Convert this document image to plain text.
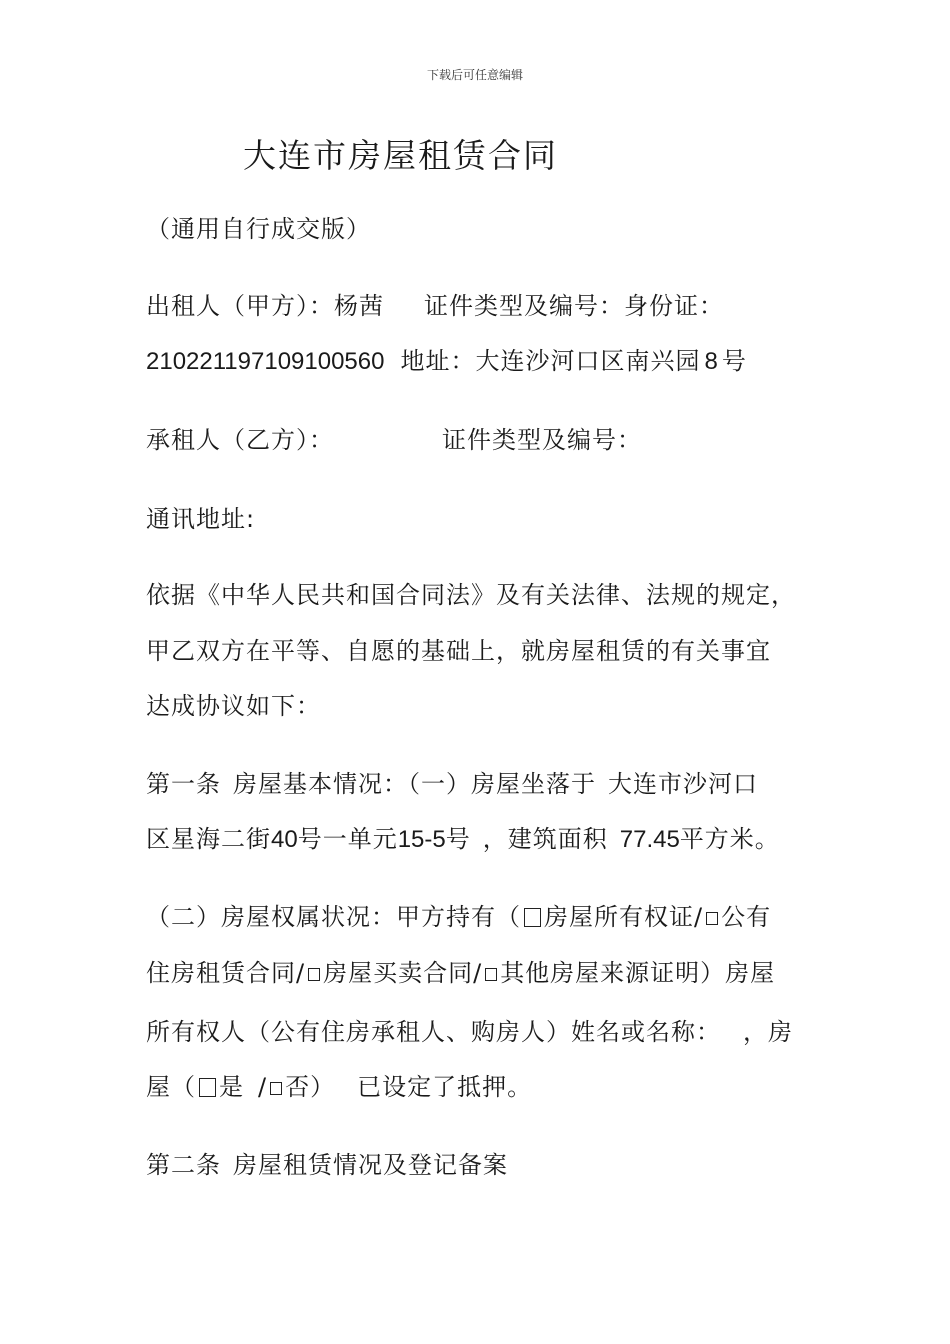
下载后可任意编辑
大连市房屋租赁合同
（通用自行成交版）
出租人（甲方）：杨茜 证件类型及编号：身份证：
210221197109100560 地址：大连沙河口区南兴园 8 号
承租人（乙方）：	证件类型及编号：
通讯地址:
依据《中华人民共和国合同法》及有关法律、法规的规定，
甲乙双方在平等、自愿的基础上，就房屋租赁的有关事宜
达成协议如下：
第一条 房屋基本情况：（一）房屋坐落于 大连市沙河口
区星海二街40号一单元15-5号 ，建筑面积 77.45平方米。
（二）房屋权属状况：甲方持有（ 房屋所有权证/ 公有
住房租赁合同/ 房屋买卖合同/ 其他房屋来源证明）房屋
所有权人（公有住房承租人、购房人）姓名或名称： ，房
屋（ 是 / 否） 已设定了抵押。
第二条 房屋租赁情况及登记备案
